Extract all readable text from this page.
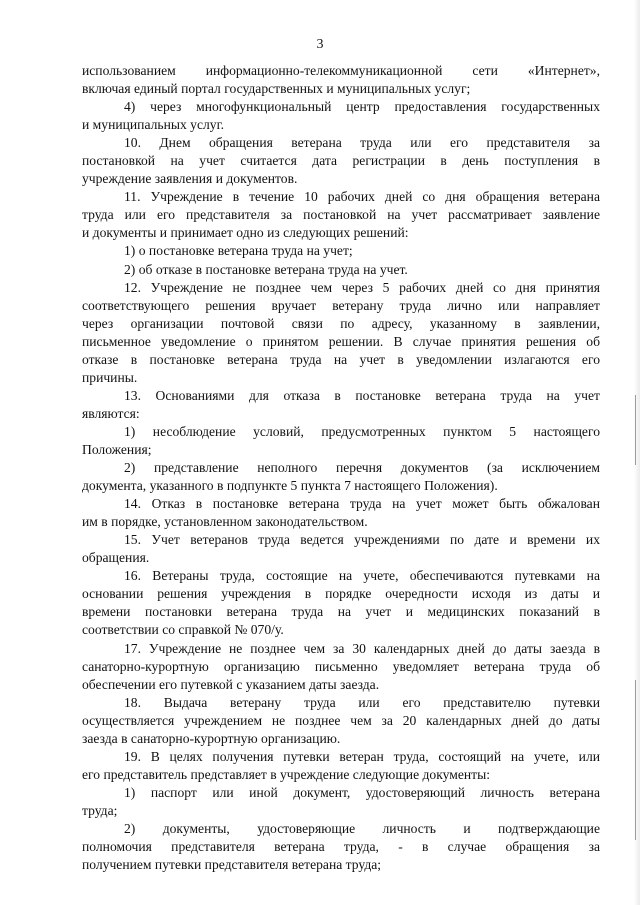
3
использованием информационно-телекоммуникационной сети «Интернет»,
включая единый портал государственных и муниципальных услуг;
4) через многофункциональный центр предоставления государственных
и муниципальных услуг.
10. Днем обращения ветерана труда или его представителя за
постановкой на учет считается дата регистрации в день поступления в
учреждение заявления и документов.
11. Учреждение в течение 10 рабочих дней со дня обращения ветерана
труда или его представителя за постановкой на учет рассматривает заявление
и документы и принимает одно из следующих решений:
1) о постановке ветерана труда на учет;
2) об отказе в постановке ветерана труда на учет.
12. Учреждение не позднее чем через 5 рабочих дней со дня принятия
соответствующего решения вручает ветерану труда лично или направляет
через организации почтовой связи по адресу, указанному в заявлении,
письменное уведомление о принятом решении. В случае принятия решения об
отказе в постановке ветерана труда на учет в уведомлении излагаются его
причины.
13. Основаниями для отказа в постановке ветерана труда на учет
являются:
1) несоблюдение условий, предусмотренных пунктом 5 настоящего
Положения;
2) представление неполного перечня документов (за исключением
документа, указанного в подпункте 5 пункта 7 настоящего Положения).
14. Отказ в постановке ветерана труда на учет может быть обжалован
им в порядке, установленном законодательством.
15. Учет ветеранов труда ведется учреждениями по дате и времени их
обращения.
16. Ветераны труда, состоящие на учете, обеспечиваются путевками на
основании решения учреждения в порядке очередности исходя из даты и
времени постановки ветерана труда на учет и медицинских показаний в
соответствии со справкой № 070/у.
17. Учреждение не позднее чем за 30 календарных дней до даты заезда в
санаторно-курортную организацию письменно уведомляет ветерана труда об
обеспечении его путевкой с указанием даты заезда.
18. Выдача ветерану труда или его представителю путевки
осуществляется учреждением не позднее чем за 20 календарных дней до даты
заезда в санаторно-курортную организацию.
19. В целях получения путевки ветеран труда, состоящий на учете, или
его представитель представляет в учреждение следующие документы:
1) паспорт или иной документ, удостоверяющий личность ветерана
труда;
2) документы, удостоверяющие личность и подтверждающие
полномочия представителя ветерана труда, - в случае обращения за
получением путевки представителя ветерана труда;
